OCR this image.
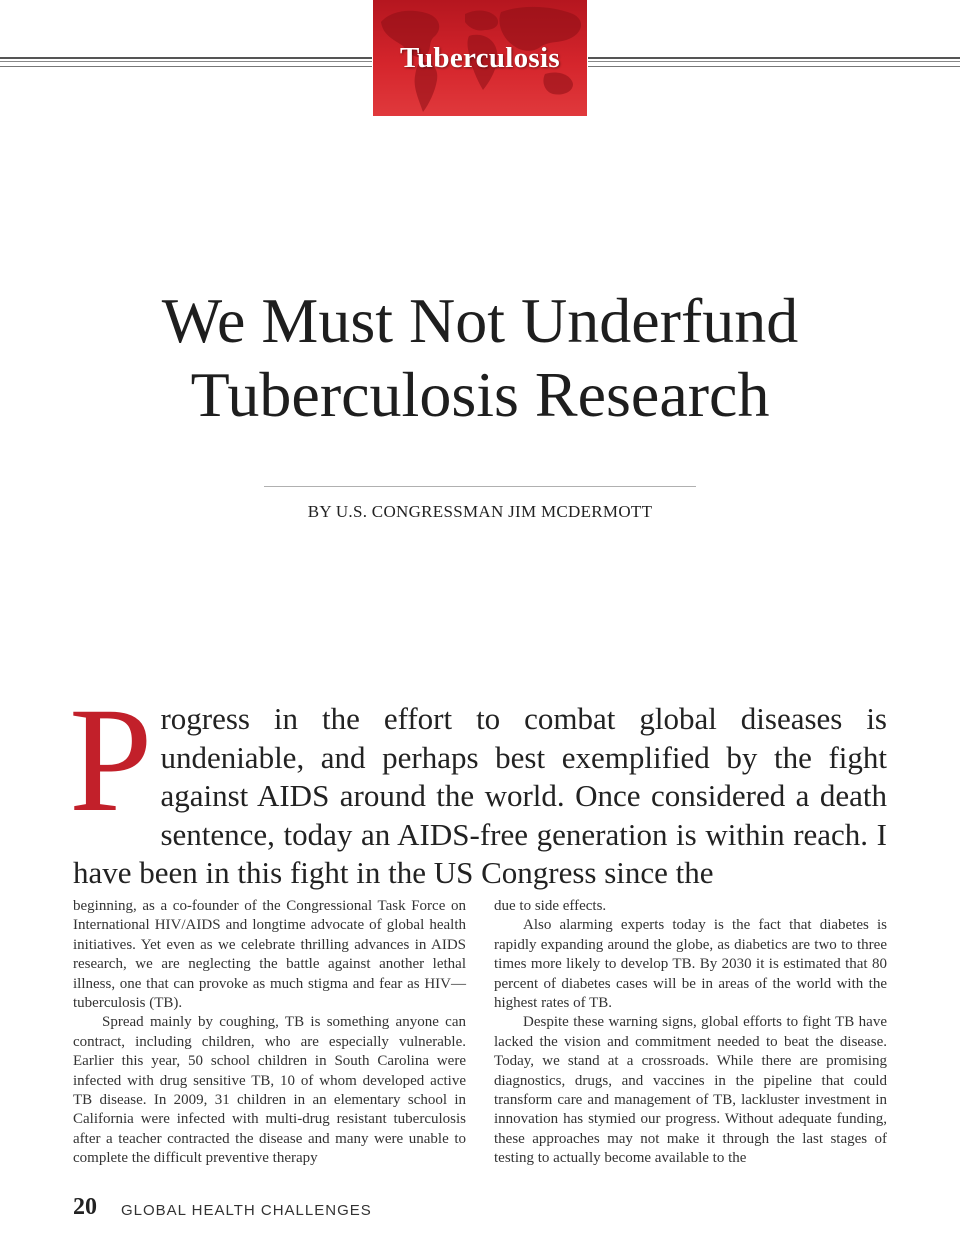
Tuberculosis
We Must Not Underfund
Tuberculosis Research
BY U.S. CONGRESSMAN JIM MCDERMOTT
P rogress in the effort to combat global diseases is undeniable, and perhaps best exemplified by the fight against AIDS around the world. Once considered a death sentence, today an AIDS-free generation is within reach. I have been in this fight in the US Congress since the

beginning, as a co-founder of the Congressional Task Force on International HIV/AIDS and longtime advocate of global health initiatives. Yet even as we celebrate thrilling advances in AIDS research, we are neglecting the battle against another lethal illness, one that can provoke as much stigma and fear as HIV—tuberculosis (TB).

Spread mainly by coughing, TB is something anyone can contract, including children, who are especially vulnerable. Earlier this year, 50 school children in South Carolina were infected with drug sensitive TB, 10 of whom developed active TB disease. In 2009, 31 children in an elementary school in California were infected with multi-drug resistant tuberculosis after a teacher contracted the disease and many were unable to complete the difficult preventive therapy

due to side effects.

Also alarming experts today is the fact that diabetes is rapidly expanding around the globe, as diabetics are two to three times more likely to develop TB. By 2030 it is estimated that 80 percent of diabetes cases will be in areas of the world with the highest rates of TB.

Despite these warning signs, global efforts to fight TB have lacked the vision and commitment needed to beat the disease. Today, we stand at a crossroads. While there are promising diagnostics, drugs, and vaccines in the pipeline that could transform care and management of TB, lackluster investment in innovation has stymied our progress. Without adequate funding, these approaches may not make it through the last stages of testing to actually become available to the

20 GLOBAL HEALTH CHALLENGES
